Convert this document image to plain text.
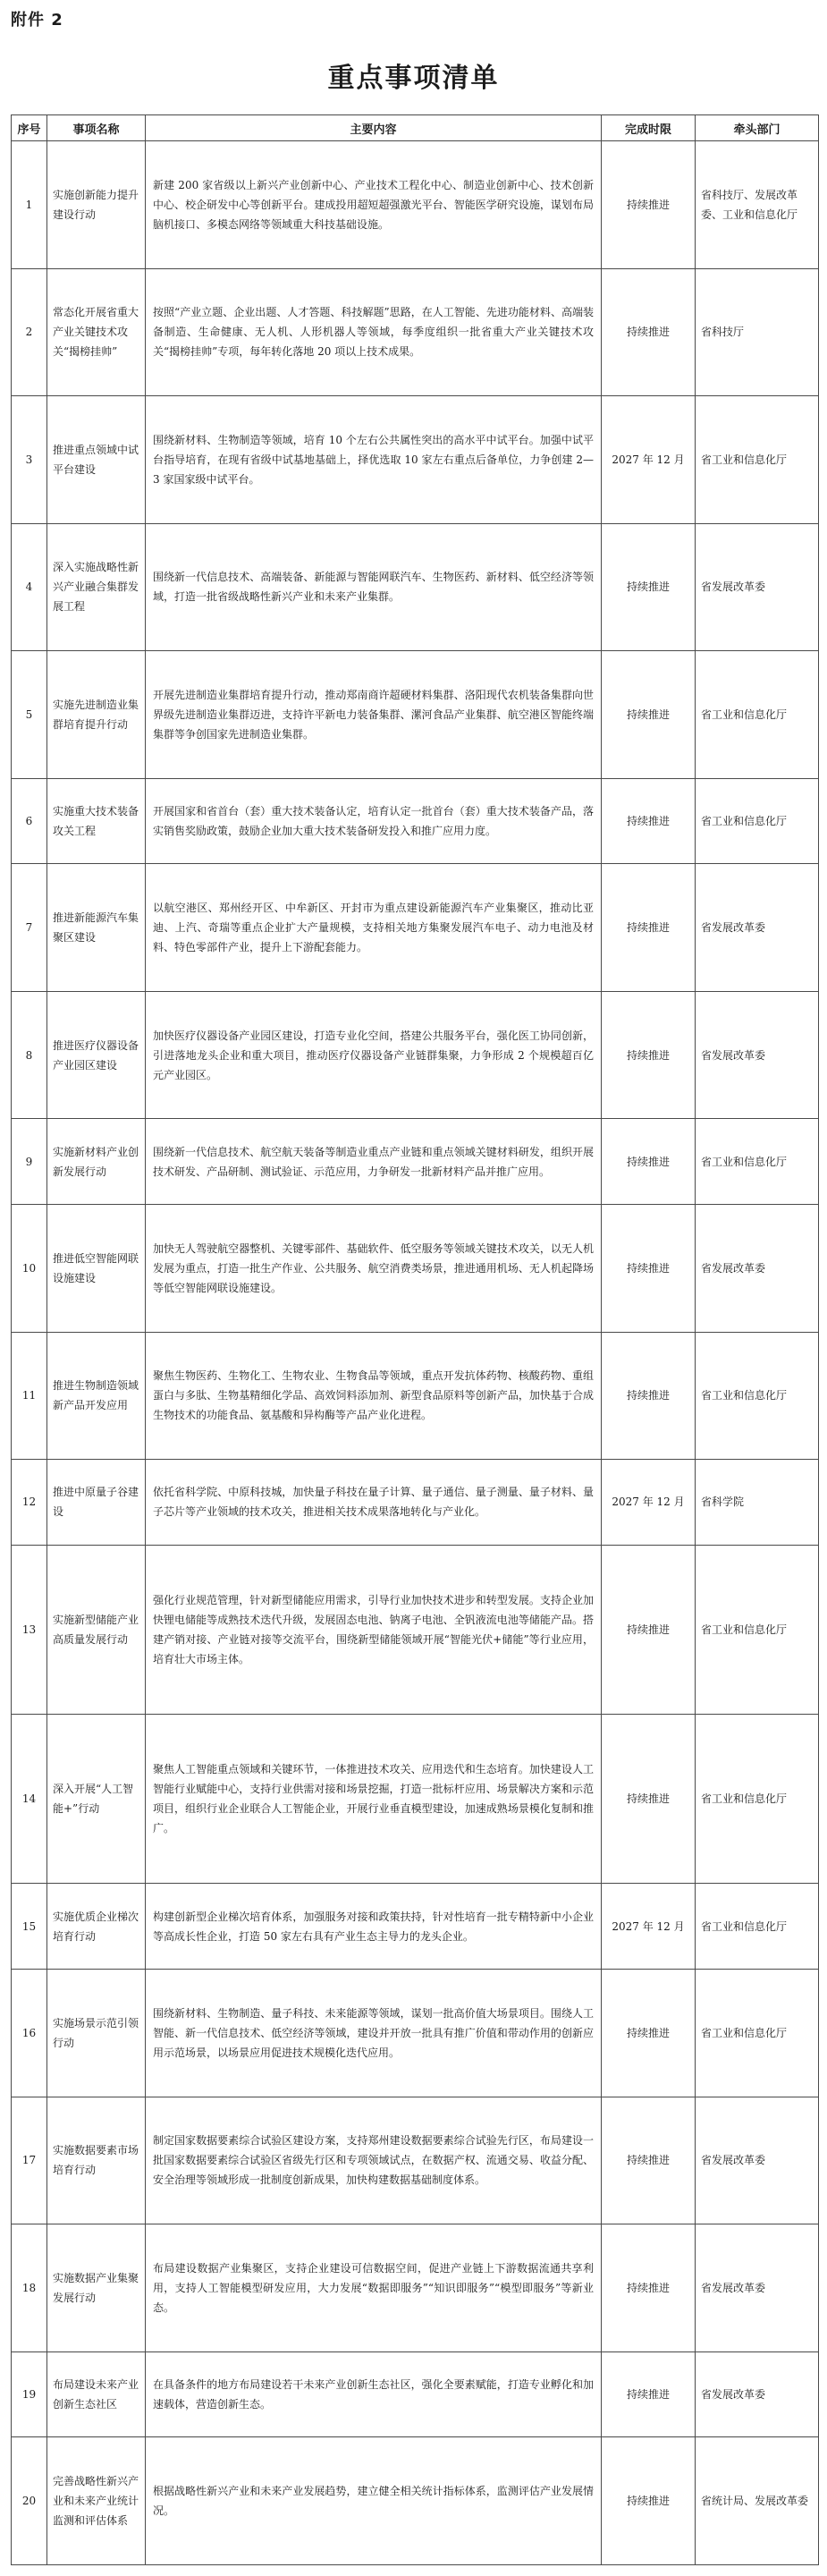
附件 2
重点事项清单
序号	事项名称	主要内容	完成时限	牵头部门
1	实施创新能力提升建设行动	新建 200 家省级以上新兴产业创新中心、产业技术工程化中心、制造业创新中心、技术创新中心、校企研发中心等创新平台。建成投用超短超强激光平台、智能医学研究设施，谋划布局脑机接口、多模态网络等领域重大科技基础设施。	持续推进	省科技厅、发展改革委、工业和信息化厅
2	常态化开展省重大产业关键技术攻关“揭榜挂帅”	按照“产业立题、企业出题、人才答题、科技解题”思路，在人工智能、先进功能材料、高端装备制造、生命健康、无人机、人形机器人等领域，每季度组织一批省重大产业关键技术攻关“揭榜挂帅”专项，每年转化落地 20 项以上技术成果。	持续推进	省科技厅
3	推进重点领域中试平台建设	围绕新材料、生物制造等领域，培育 10 个左右公共属性突出的高水平中试平台。加强中试平台指导培育，在现有省级中试基地基础上，择优选取 10 家左右重点后备单位，力争创建 2—3 家国家级中试平台。	2027 年 12 月	省工业和信息化厅
4	深入实施战略性新兴产业融合集群发展工程	围绕新一代信息技术、高端装备、新能源与智能网联汽车、生物医药、新材料、低空经济等领域，打造一批省级战略性新兴产业和未来产业集群。	持续推进	省发展改革委
5	实施先进制造业集群培育提升行动	开展先进制造业集群培育提升行动，推动郑南商许超硬材料集群、洛阳现代农机装备集群向世界级先进制造业集群迈进，支持许平新电力装备集群、漯河食品产业集群、航空港区智能终端集群等争创国家先进制造业集群。	持续推进	省工业和信息化厅
6	实施重大技术装备攻关工程	开展国家和省首台（套）重大技术装备认定，培育认定一批首台（套）重大技术装备产品，落实销售奖励政策，鼓励企业加大重大技术装备研发投入和推广应用力度。	持续推进	省工业和信息化厅
7	推进新能源汽车集聚区建设	以航空港区、郑州经开区、中牟新区、开封市为重点建设新能源汽车产业集聚区，推动比亚迪、上汽、奇瑞等重点企业扩大产量规模，支持相关地方集聚发展汽车电子、动力电池及材料、特色零部件产业，提升上下游配套能力。	持续推进	省发展改革委
8	推进医疗仪器设备产业园区建设	加快医疗仪器设备产业园区建设，打造专业化空间，搭建公共服务平台，强化医工协同创新，引进落地龙头企业和重大项目，推动医疗仪器设备产业链群集聚，力争形成 2 个规模超百亿元产业园区。	持续推进	省发展改革委
9	实施新材料产业创新发展行动	围绕新一代信息技术、航空航天装备等制造业重点产业链和重点领域关键材料研发，组织开展技术研发、产品研制、测试验证、示范应用，力争研发一批新材料产品并推广应用。	持续推进	省工业和信息化厅
10	推进低空智能网联设施建设	加快无人驾驶航空器整机、关键零部件、基础软件、低空服务等领域关键技术攻关，以无人机发展为重点，打造一批生产作业、公共服务、航空消费类场景，推进通用机场、无人机起降场等低空智能网联设施建设。	持续推进	省发展改革委
11	推进生物制造领域新产品开发应用	聚焦生物医药、生物化工、生物农业、生物食品等领域，重点开发抗体药物、核酸药物、重组蛋白与多肽、生物基精细化学品、高效饲料添加剂、新型食品原料等创新产品，加快基于合成生物技术的功能食品、氨基酸和异构酶等产品产业化进程。	持续推进	省工业和信息化厅
12	推进中原量子谷建设	依托省科学院、中原科技城，加快量子科技在量子计算、量子通信、量子测量、量子材料、量子芯片等产业领域的技术攻关，推进相关技术成果落地转化与产业化。	2027 年 12 月	省科学院
13	实施新型储能产业高质量发展行动	强化行业规范管理，针对新型储能应用需求，引导行业加快技术进步和转型发展。支持企业加快锂电储能等成熟技术迭代升级，发展固态电池、钠离子电池、全钒液流电池等储能产品。搭建产销对接、产业链对接等交流平台，围绕新型储能领域开展“智能光伏+储能”等行业应用，培育壮大市场主体。	持续推进	省工业和信息化厅
14	深入开展“人工智能+”行动	聚焦人工智能重点领域和关键环节，一体推进技术攻关、应用迭代和生态培育。加快建设人工智能行业赋能中心，支持行业供需对接和场景挖掘，打造一批标杆应用、场景解决方案和示范项目，组织行业企业联合人工智能企业，开展行业垂直模型建设，加速成熟场景模化复制和推广。	持续推进	省工业和信息化厅
15	实施优质企业梯次培育行动	构建创新型企业梯次培育体系，加强服务对接和政策扶持，针对性培育一批专精特新中小企业等高成长性企业，打造 50 家左右具有产业生态主导力的龙头企业。	2027 年 12 月	省工业和信息化厅
16	实施场景示范引领行动	围绕新材料、生物制造、量子科技、未来能源等领域，谋划一批高价值大场景项目。围绕人工智能、新一代信息技术、低空经济等领域，建设并开放一批具有推广价值和带动作用的创新应用示范场景，以场景应用促进技术规模化迭代应用。	持续推进	省工业和信息化厅
17	实施数据要素市场培育行动	制定国家数据要素综合试验区建设方案，支持郑州建设数据要素综合试验先行区，布局建设一批国家数据要素综合试验区省级先行区和专项领域试点，在数据产权、流通交易、收益分配、安全治理等领域形成一批制度创新成果，加快构建数据基础制度体系。	持续推进	省发展改革委
18	实施数据产业集聚发展行动	布局建设数据产业集聚区，支持企业建设可信数据空间，促进产业链上下游数据流通共享利用，支持人工智能模型研发应用，大力发展“数据即服务”“知识即服务”“模型即服务”等新业态。	持续推进	省发展改革委
19	布局建设未来产业创新生态社区	在具备条件的地方布局建设若干未来产业创新生态社区，强化全要素赋能，打造专业孵化和加速载体，营造创新生态。	持续推进	省发展改革委
20	完善战略性新兴产业和未来产业统计监测和评估体系	根据战略性新兴产业和未来产业发展趋势，建立健全相关统计指标体系，监测评估产业发展情况。	持续推进	省统计局、发展改革委
